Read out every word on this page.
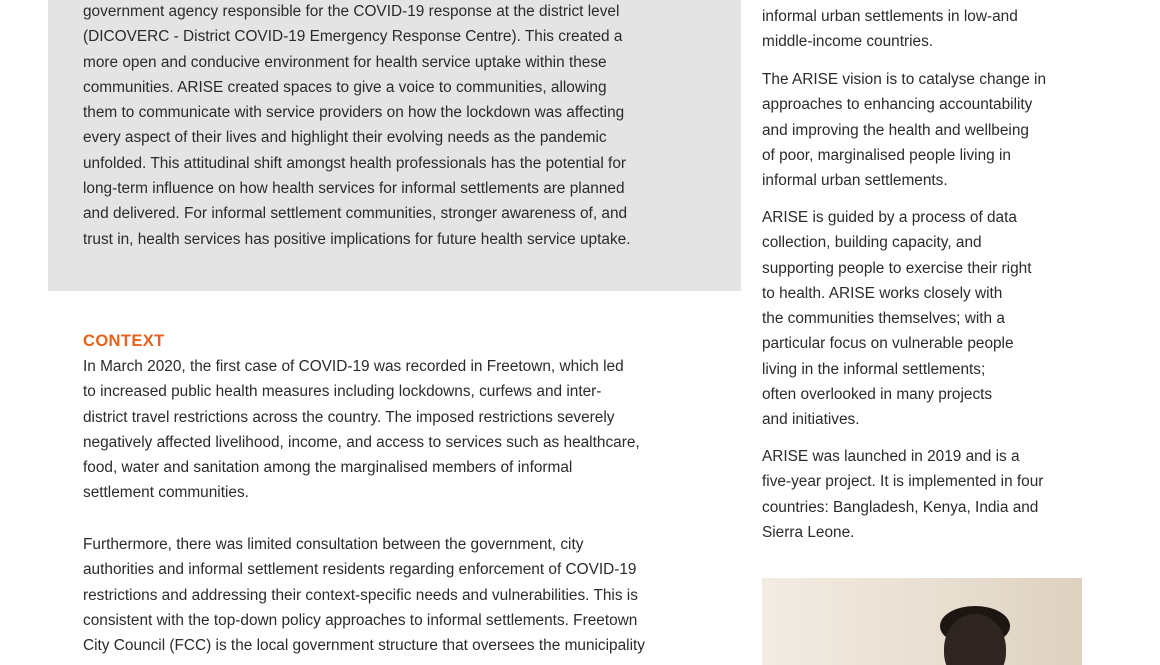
government agency responsible for the COVID-19 response at the district level
(DICOVERC - District COVID-19 Emergency Response Centre). This created a
more open and conducive environment for health service uptake within these
communities. ARISE created spaces to give a voice to communities, allowing
them to communicate with service providers on how the lockdown was affecting
every aspect of their lives and highlight their evolving needs as the pandemic
unfolded. This attitudinal shift amongst health professionals has the potential for
long-term influence on how health services for informal settlements are planned
and delivered. For informal settlement communities, stronger awareness of, and
trust in, health services has positive implications for future health service uptake.

CONTEXT

In March 2020, the first case of COVID-19 was recorded in Freetown, which led
to increased public health measures including lockdowns, curfews and inter-
district travel restrictions across the country. The imposed restrictions severely
negatively affected livelihood, income, and access to services such as healthcare,
food, water and sanitation among the marginalised members of informal
settlement communities.

Furthermore, there was limited consultation between the government, city
authorities and informal settlement residents regarding enforcement of COVID-19
restrictions and addressing their context-specific needs and vulnerabilities. This is
consistent with the top-down policy approaches to informal settlements. Freetown
City Council (FCC) is the local government structure that oversees the municipality

informal urban settlements in low-and
middle-income countries.

The ARISE vision is to catalyse change in
approaches to enhancing accountability
and improving the health and wellbeing
of poor, marginalised people living in
informal urban settlements.

ARISE is guided by a process of data
collection, building capacity, and
supporting people to exercise their right
to health. ARISE works closely with
the communities themselves; with a
particular focus on vulnerable people
living in the informal settlements;
often overlooked in many projects
and initiatives.

ARISE was launched in 2019 and is a
five-year project. It is implemented in four
countries: Bangladesh, Kenya, India and
Sierra Leone.
